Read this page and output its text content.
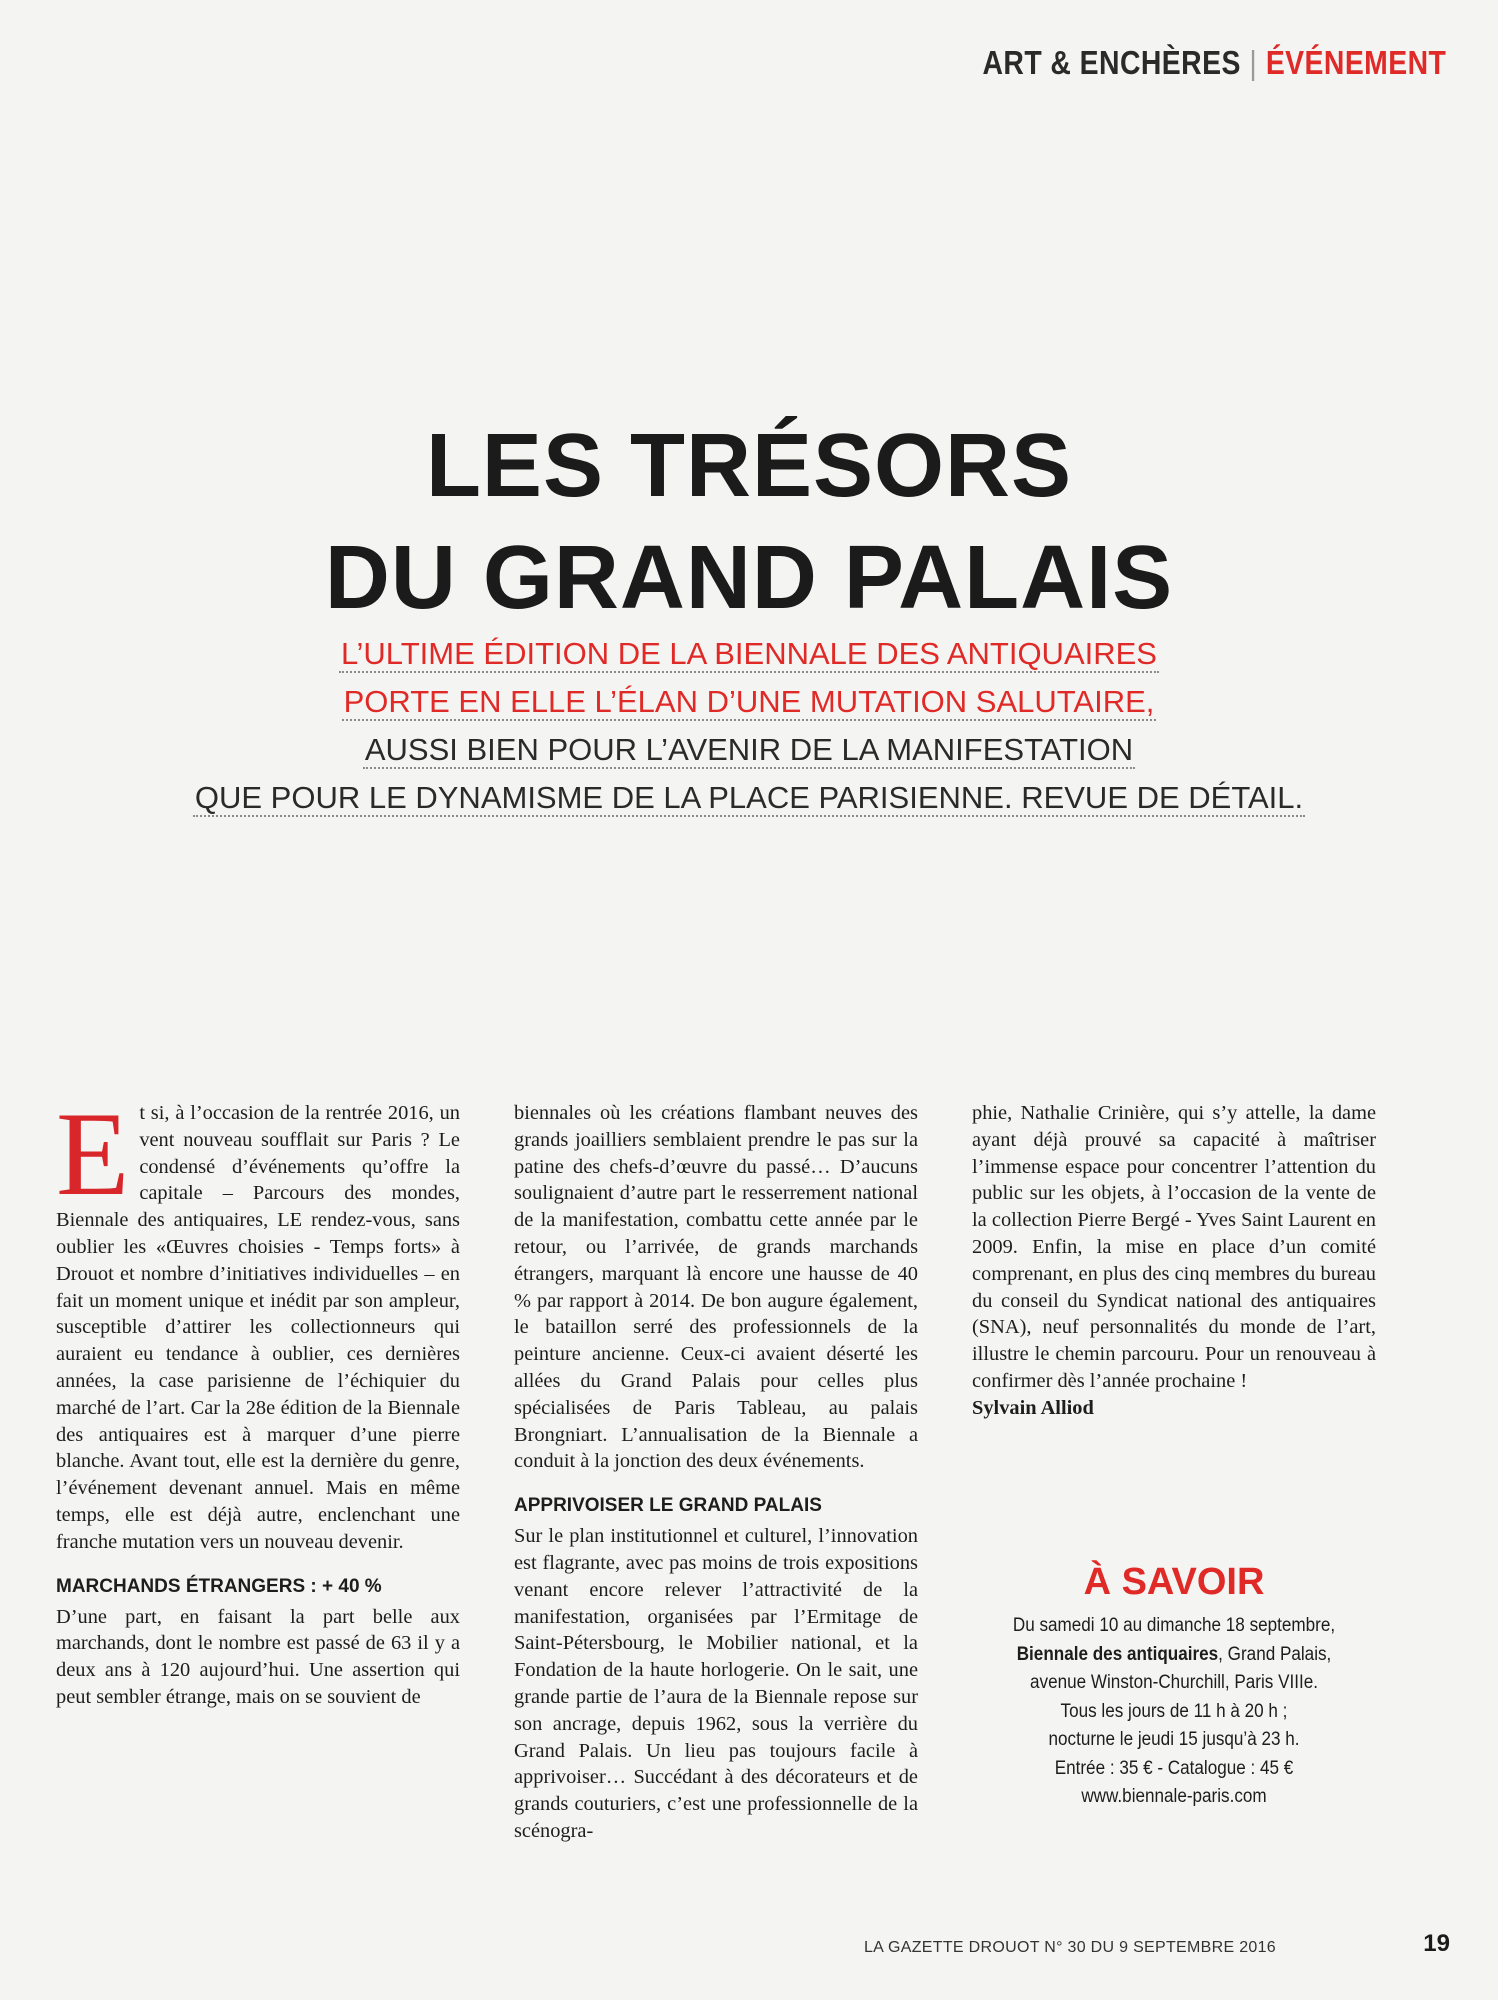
ART & ENCHÈRES | ÉVÉNEMENT
LES TRÉSORS
DU GRAND PALAIS
L’ULTIME ÉDITION DE LA BIENNALE DES ANTIQUAIRES
PORTE EN ELLE L’ÉLAN D’UNE MUTATION SALUTAIRE,
AUSSI BIEN POUR L’AVENIR DE LA MANIFESTATION
QUE POUR LE DYNAMISME DE LA PLACE PARISIENNE. REVUE DE DÉTAIL.

Et si, à l’occasion de la rentrée 2016, un vent nouveau soufflait sur Paris ? Le condensé d’événements qu’offre la capitale – Parcours des mondes, Biennale des antiquaires, LE rendez-vous, sans oublier les «Œuvres choisies - Temps forts» à Drouot et nombre d’initiatives individuelles – en fait un moment unique et inédit par son ampleur, susceptible d’attirer les collectionneurs qui auraient eu tendance à oublier, ces dernières années, la case parisienne de l’échiquier du marché de l’art. Car la 28e édition de la Biennale des antiquaires est à marquer d’une pierre blanche. Avant tout, elle est la dernière du genre, l’événement devenant annuel. Mais en même temps, elle est déjà autre, enclenchant une franche mutation vers un nouveau devenir.

MARCHANDS ÉTRANGERS : + 40 %

D’une part, en faisant la part belle aux marchands, dont le nombre est passé de 63 il y a deux ans à 120 aujourd’hui. Une assertion qui peut sembler étrange, mais on se souvient de

biennales où les créations flambant neuves des grands joailliers semblaient prendre le pas sur la patine des chefs-d’œuvre du passé… D’aucuns soulignaient d’autre part le resserrement national de la manifestation, combattu cette année par le retour, ou l’arrivée, de grands marchands étrangers, marquant là encore une hausse de 40 % par rapport à 2014. De bon augure également, le bataillon serré des professionnels de la peinture ancienne. Ceux-ci avaient déserté les allées du Grand Palais pour celles plus spécialisées de Paris Tableau, au palais Brongniart. L’annualisation de la Biennale a conduit à la jonction des deux événements.

APPRIVOISER LE GRAND PALAIS

Sur le plan institutionnel et culturel, l’innovation est flagrante, avec pas moins de trois expositions venant encore relever l’attractivité de la manifestation, organisées par l’Ermitage de Saint-Pétersbourg, le Mobilier national, et la Fondation de la haute horlogerie. On le sait, une grande partie de l’aura de la Biennale repose sur son ancrage, depuis 1962, sous la verrière du Grand Palais. Un lieu pas toujours facile à apprivoiser… Succédant à des décorateurs et de grands couturiers, c’est une professionnelle de la scénogra-

phie, Nathalie Crinière, qui s’y attelle, la dame ayant déjà prouvé sa capacité à maîtriser l’immense espace pour concentrer l’attention du public sur les objets, à l’occasion de la vente de la collection Pierre Bergé - Yves Saint Laurent en 2009. Enfin, la mise en place d’un comité comprenant, en plus des cinq membres du bureau du conseil du Syndicat national des antiquaires (SNA), neuf personnalités du monde de l’art, illustre le chemin parcouru. Pour un renouveau à confirmer dès l’année prochaine !

Sylvain Alliod

À SAVOIR
Du samedi 10 au dimanche 18 septembre,
Biennale des antiquaires, Grand Palais,
avenue Winston-Churchill, Paris VIIIe.
Tous les jours de 11 h à 20 h ;
nocturne le jeudi 15 jusqu’à 23 h.
Entrée : 35 € - Catalogue : 45 €
www.biennale-paris.com
LA GAZETTE DROUOT N° 30 DU 9 SEPTEMBRE 2016	19
